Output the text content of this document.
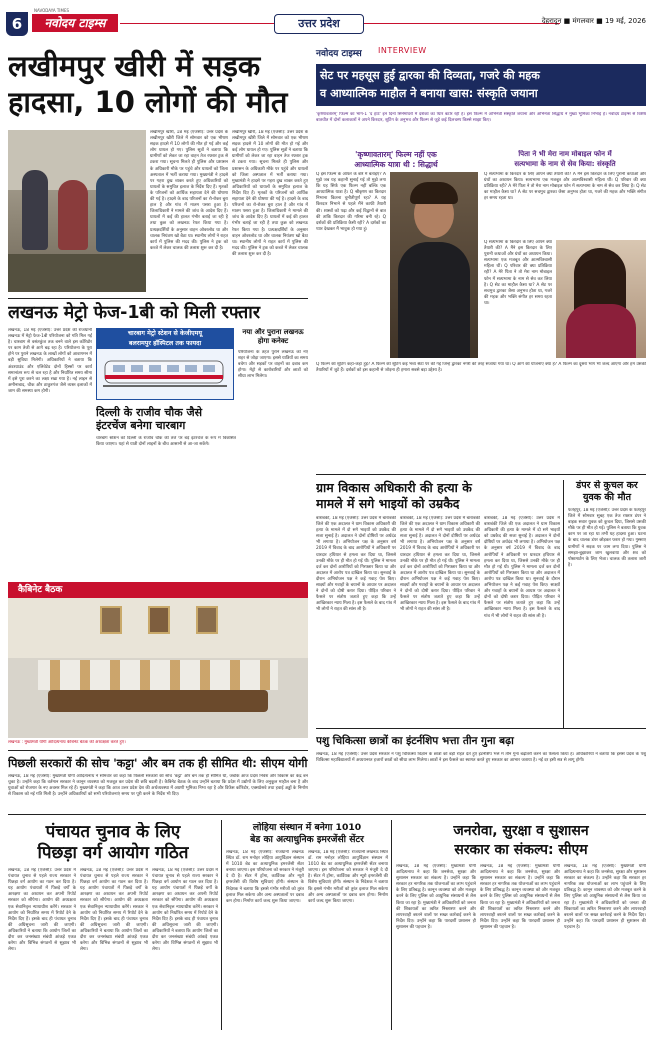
6
NAVODAYA TIMES
नवोदय टाइम्स	उत्तर प्रदेश	देहरादून ■ मंगलवार ■ 19 मई, 2026
लखीमपुर खीरी में सड़क
हादसा, 10 लोगों की मौत
लखीमपुर खीरी, 18 मई (एजेंसी): उत्तर प्रदेश के लखीमपुर खीरी जिले में सोमवार को एक भीषण सड़क हादसे में 10 लोगों की मौत हो गई और कई लोग घायल हो गए। पुलिस सूत्रों ने बताया कि ग्रामीणों को लेकर जा रहा वाहन तेज रफ्तार ट्रक से टकरा गया। सूचना मिलते ही पुलिस और प्रशासन के अधिकारी मौके पर पहुंचे और घायलों को जिला अस्पताल में भर्ती कराया गया। मुख्यमंत्री ने हादसे पर गहरा दुख व्यक्त करते हुए अधिकारियों को घायलों के समुचित इलाज के निर्देश दिए हैं। मृतकों के परिजनों को आर्थिक सहायता देने की घोषणा की गई है। हादसे के बाद परिजनों का रो-रोकर बुरा हाल है और गांव में मातम पसरा हुआ है। जिलाधिकारी ने मामले की जांच के आदेश दिए हैं। घायलों में कई की हालत गंभीर बताई जा रही है तथा कुछ को लखनऊ रेफर किया गया है। प्रत्यक्षदर्शियों के अनुसार वाहन ओवरलोड था और चालक नियंत्रण खो बैठा था। स्थानीय लोगों ने राहत कार्य में पुलिस की मदद की। पुलिस ने ट्रक को कब्जे में लेकर चालक की तलाश शुरू कर दी है।
लखीमपुर खीरी, 18 मई (एजेंसी): उत्तर प्रदेश के लखीमपुर खीरी जिले में सोमवार को एक भीषण सड़क हादसे में 10 लोगों की मौत हो गई और कई लोग घायल हो गए। पुलिस सूत्रों ने बताया कि ग्रामीणों को लेकर जा रहा वाहन तेज रफ्तार ट्रक से टकरा गया। सूचना मिलते ही पुलिस और प्रशासन के अधिकारी मौके पर पहुंचे और घायलों को जिला अस्पताल में भर्ती कराया गया। मुख्यमंत्री ने हादसे पर गहरा दुख व्यक्त करते हुए अधिकारियों को घायलों के समुचित इलाज के निर्देश दिए हैं। मृतकों के परिजनों को आर्थिक सहायता देने की घोषणा की गई है। हादसे के बाद परिजनों का रो-रोकर बुरा हाल है और गांव में मातम पसरा हुआ है। जिलाधिकारी ने मामले की जांच के आदेश दिए हैं। घायलों में कई की हालत गंभीर बताई जा रही है तथा कुछ को लखनऊ रेफर किया गया है। प्रत्यक्षदर्शियों के अनुसार वाहन ओवरलोड था और चालक नियंत्रण खो बैठा था। स्थानीय लोगों ने राहत कार्य में पुलिस की मदद की। पुलिस ने ट्रक को कब्जे में लेकर चालक की तलाश शुरू कर दी है।
लखनऊ मेट्रो फेज-1बी को मिली रफ्तार
लखनऊ, 18 मई (एजेंसी): उत्तर प्रदेश की राजधानी लखनऊ में मेट्रो फेज-1बी परियोजना को गति मिल गई है। चारबाग से वसंतकुंज तक बनने वाले इस कॉरिडोर पर काम तेजी से आगे बढ़ रहा है। परियोजना के पूरा होने पर पुराने लखनऊ के लाखों लोगों को आवागमन में बड़ी सुविधा मिलेगी। अधिकारियों ने बताया कि अंडरग्राउंड और एलिवेटेड दोनों हिस्सों पर कार्य समानांतर रूप से चल रहा है और निर्धारित समय सीमा में इसे पूरा करने का लक्ष्य रखा गया है। नई लाइन से अमीनाबाद, चौक और ठाकुरगंज जैसे व्यस्त इलाकों में जाम की समस्या कम होगी।
चारबाग मेट्रो स्टेशन से केजीएमयू
बलरामपुर हॉस्पिटल तक फायदा
नया और पुराना लखनऊ होगा कनेक्ट
परियोजना के तहत पुराने लखनऊ को नए शहर से जोड़ा जाएगा। इससे यात्रियों का समय बचेगा और सड़कों पर वाहनों का दबाव कम होगा। मेट्रो से कारोबारियों और छात्रों को सीधा लाभ मिलेगा।
दिल्ली के राजीव चौक जैसे
इंटरचेंज बनेगा चारबाग
चारबाग स्टेशन को दिल्ली के राजीव चौक की तर्ज पर बड़े इंटरचेंज के रूप में विकसित किया जाएगा। यहां से यात्री दोनों लाइनों के बीच आसानी से आ-जा सकेंगे।
नवोदय टाइम्स INTERVIEW
सेट पर महसूस हुई द्वारका की दिव्यता, गजरे की महक
व आध्यात्मिक माहौल ने बनाया खास: संस्कृति जयाना
'कृष्णावतारम्' फिल्म का भाग-1 'द हार्ट' इन दिनों सिनेमाघरों में दर्शकों का प्यार बटोर रही है। इस फिल्म में अभिनेत्री संस्कृति जयाना और अभिनेता सिद्धार्थ ने मुख्य भूमिका निभाई है। नवोदय टाइम्स से विशेष बातचीत में दोनों कलाकारों ने अपने किरदार, शूटिंग के अनुभव और फिल्म से जुड़े कई दिलचस्प किस्से साझा किए।
'कृष्णावतारम्' फिल्म नहीं एक
आध्यात्मिक यात्रा थी : सिद्धार्थ
Q इस फिल्म के ऑफर के बारे में बताइए? A मुझे जब यह कहानी सुनाई गई तो मुझे लगा कि यह सिर्फ एक फिल्म नहीं बल्कि एक आध्यात्मिक यात्रा है। Q श्रीकृष्ण का किरदार निभाना कितना चुनौतीपूर्ण रहा? A यह किरदार निभाने से पहले मैंने काफी तैयारी की। शास्त्रों को पढ़ा और कई विद्वानों से बात की ताकि किरदार की गरिमा बनी रहे। Q दर्शकों की प्रतिक्रिया कैसी रही? A दर्शकों का प्यार देखकर मैं भावुक हो गया हूं।
पिता ने भी मेरा नाम मोबाइल फोन में
सत्यभामा के नाम से सेव किया: संस्कृति
Q सत्यभामा के किरदार के लिए आपने क्या तैयारी की? A मैंने इस किरदार के लिए पुरानी कथाओं और ग्रंथों का अध्ययन किया। सत्यभामा एक मजबूत और आत्मविश्वासी महिला थीं। Q परिवार की क्या प्रतिक्रिया रही? A मेरे पिता ने तो मेरा नाम मोबाइल फोन में सत्यभामा के नाम से सेव कर लिया है। Q सेट का माहौल कैसा था? A सेट पर सचमुच द्वारका जैसा अनुभव होता था, गजरे की महक और भक्ति संगीत हर समय रहता था।
Q सत्यभामा के किरदार के लिए आपने क्या तैयारी की? A मैंने इस किरदार के लिए पुरानी कथाओं और ग्रंथों का अध्ययन किया। सत्यभामा एक मजबूत और आत्मविश्वासी महिला थीं। Q परिवार की क्या प्रतिक्रिया रही? A मेरे पिता ने तो मेरा नाम मोबाइल फोन में सत्यभामा के नाम से सेव कर लिया है। Q सेट का माहौल कैसा था? A सेट पर सचमुच द्वारका जैसा अनुभव होता था, गजरे की महक और भक्ति संगीत हर समय रहता था।
Q फिल्म की शूटिंग कहां-कहां हुई? A फिल्म की शूटिंग कई भव्य सेटों पर की गई जिन्हें द्वारका नगरी की तरह सजाया गया था। Q आगे की योजनाएं क्या हैं? A फिल्म का दूसरा भाग भी जल्द आएगा और हम उसकी तैयारियों में जुटे हैं। दर्शकों को इस कहानी से जोड़ना ही हमारा सबसे बड़ा उद्देश्य है।
कैबिनेट बैठक
लखनऊ : मुख्यमंत्री योगी आदित्यनाथ कैबिनेट बैठक की अध्यक्षता करते हुए।
ग्राम विकास अधिकारी की हत्या के
मामले में सगे भाइयों को उम्रकैद
बाराबंकी, 18 मई (एजेंसी): उत्तर प्रदेश में बाराबंकी जिले की एक अदालत ने ग्राम विकास अधिकारी की हत्या के मामले में दो सगे भाइयों को उम्रकैद की सजा सुनाई है। अदालत ने दोनों दोषियों पर अर्थदंड भी लगाया है। अभियोजन पक्ष के अनुसार वर्ष 2019 में विवाद के बाद आरोपियों ने अधिकारी पर धारदार हथियार से हमला कर दिया था, जिससे उनकी मौके पर ही मौत हो गई थी। पुलिस ने मामला दर्ज कर दोनों आरोपियों को गिरफ्तार किया था और अदालत में आरोप पत्र दाखिल किया था। सुनवाई के दौरान अभियोजन पक्ष ने कई गवाह पेश किए। साक्ष्यों और गवाहों के बयानों के आधार पर अदालत ने दोनों को दोषी करार दिया। पीड़ित परिवार ने फैसले पर संतोष जताते हुए कहा कि उन्हें आखिरकार न्याय मिला है। इस फैसले के बाद गांव में भी लोगों ने राहत की सांस ली है।
बाराबंकी, 18 मई (एजेंसी): उत्तर प्रदेश में बाराबंकी जिले की एक अदालत ने ग्राम विकास अधिकारी की हत्या के मामले में दो सगे भाइयों को उम्रकैद की सजा सुनाई है। अदालत ने दोनों दोषियों पर अर्थदंड भी लगाया है। अभियोजन पक्ष के अनुसार वर्ष 2019 में विवाद के बाद आरोपियों ने अधिकारी पर धारदार हथियार से हमला कर दिया था, जिससे उनकी मौके पर ही मौत हो गई थी। पुलिस ने मामला दर्ज कर दोनों आरोपियों को गिरफ्तार किया था और अदालत में आरोप पत्र दाखिल किया था। सुनवाई के दौरान अभियोजन पक्ष ने कई गवाह पेश किए। साक्ष्यों और गवाहों के बयानों के आधार पर अदालत ने दोनों को दोषी करार दिया। पीड़ित परिवार ने फैसले पर संतोष जताते हुए कहा कि उन्हें आखिरकार न्याय मिला है। इस फैसले के बाद गांव में भी लोगों ने राहत की सांस ली है।
बाराबंकी, 18 मई (एजेंसी): उत्तर प्रदेश में बाराबंकी जिले की एक अदालत ने ग्राम विकास अधिकारी की हत्या के मामले में दो सगे भाइयों को उम्रकैद की सजा सुनाई है। अदालत ने दोनों दोषियों पर अर्थदंड भी लगाया है। अभियोजन पक्ष के अनुसार वर्ष 2019 में विवाद के बाद आरोपियों ने अधिकारी पर धारदार हथियार से हमला कर दिया था, जिससे उनकी मौके पर ही मौत हो गई थी। पुलिस ने मामला दर्ज कर दोनों आरोपियों को गिरफ्तार किया था और अदालत में आरोप पत्र दाखिल किया था। सुनवाई के दौरान अभियोजन पक्ष ने कई गवाह पेश किए। साक्ष्यों और गवाहों के बयानों के आधार पर अदालत ने दोनों को दोषी करार दिया। पीड़ित परिवार ने फैसले पर संतोष जताते हुए कहा कि उन्हें आखिरकार न्याय मिला है। इस फैसले के बाद गांव में भी लोगों ने राहत की सांस ली है।
डंपर से कुचल कर
युवक की मौत
फतेहपुर, 18 मई (एजेंसी): उत्तर प्रदेश के फतेहपुर जिले में सोमवार सुबह एक तेज रफ्तार डंपर ने बाइक सवार युवक को कुचल दिया, जिससे उसकी मौके पर ही मौत हो गई। पुलिस ने बताया कि युवक काम पर जा रहा था तभी यह हादसा हुआ। घटना के बाद चालक डंपर छोड़कर फरार हो गया। गुस्साए ग्रामीणों ने सड़क पर जाम लगा दिया। पुलिस ने समझा-बुझाकर जाम खुलवाया और शव को पोस्टमार्टम के लिए भेजा। चालक की तलाश जारी है।
पशु चिकित्सा छात्रों का इंटर्नशिप भत्ता तीन गुना बढ़ा
लखनऊ, 18 मई (एजेंसी): उत्तर प्रदेश सरकार ने पशु चिकित्सा विज्ञान के छात्रों को बड़ी राहत देते हुए इंटर्नशिप भत्ते में तीन गुना बढ़ोतरी करने का फैसला किया है। अधिकारियों ने बताया कि इससे प्रदेश के पशु चिकित्सा महाविद्यालयों में अध्ययनरत हजारों छात्रों को सीधा लाभ मिलेगा। छात्रों ने इस फैसले का स्वागत करते हुए सरकार का आभार जताया है। नई दर इसी सत्र से लागू होगी।
पिछली सरकारों की सोच 'कट्टा' और बम तक ही सीमित थी: सीएम योगी
लखनऊ, 18 मई (एजेंसी): मुख्यमंत्री योगी आदित्यनाथ ने सोमवार को कहा कि पिछली सरकारों की सोच 'कट्टा' और बम तक ही सीमित थी, जबकि आज प्रदेश निवेश और विकास का केंद्र बन चुका है। उन्होंने कहा कि वर्तमान सरकार ने कानून व्यवस्था को मजबूत कर प्रदेश की छवि बदली है। कैबिनेट बैठक के बाद उन्होंने बताया कि प्रदेश में उद्योगों के लिए अनुकूल माहौल बना है और युवाओं को रोजगार के नए अवसर मिल रहे हैं। मुख्यमंत्री ने कहा कि आज उत्तर प्रदेश देश की अर्थव्यवस्था में अग्रणी भूमिका निभा रहा है और डिफेंस कॉरिडोर, एक्सप्रेसवे तथा हवाई अड्डों के निर्माण से विकास को नई गति मिली है। उन्होंने अधिकारियों को सभी परियोजनाएं समय पर पूरी करने के निर्देश भी दिए।
पंचायत चुनाव के लिए
पिछड़ा वर्ग आयोग गठित
लखनऊ, 18 मई (एजेंसी): उत्तर प्रदेश में पंचायत चुनाव से पहले राज्य सरकार ने पिछड़ा वर्ग आयोग का गठन कर दिया है। यह आयोग पंचायतों में पिछड़े वर्गों के आरक्षण का अध्ययन कर अपनी रिपोर्ट सरकार को सौंपेगा। आयोग की अध्यक्षता एक सेवानिवृत्त न्यायाधीश करेंगे। सरकार ने आयोग को निर्धारित समय में रिपोर्ट देने के निर्देश दिए हैं। इसके बाद ही पंचायत चुनाव की अधिसूचना जारी की जाएगी। अधिकारियों ने बताया कि आयोग जिलों का दौरा कर जनसंख्या संबंधी आंकड़े एकत्र करेगा और विभिन्न संगठनों से सुझाव भी लेगा।
लखनऊ, 18 मई (एजेंसी): उत्तर प्रदेश में पंचायत चुनाव से पहले राज्य सरकार ने पिछड़ा वर्ग आयोग का गठन कर दिया है। यह आयोग पंचायतों में पिछड़े वर्गों के आरक्षण का अध्ययन कर अपनी रिपोर्ट सरकार को सौंपेगा। आयोग की अध्यक्षता एक सेवानिवृत्त न्यायाधीश करेंगे। सरकार ने आयोग को निर्धारित समय में रिपोर्ट देने के निर्देश दिए हैं। इसके बाद ही पंचायत चुनाव की अधिसूचना जारी की जाएगी। अधिकारियों ने बताया कि आयोग जिलों का दौरा कर जनसंख्या संबंधी आंकड़े एकत्र करेगा और विभिन्न संगठनों से सुझाव भी लेगा।
लखनऊ, 18 मई (एजेंसी): उत्तर प्रदेश में पंचायत चुनाव से पहले राज्य सरकार ने पिछड़ा वर्ग आयोग का गठन कर दिया है। यह आयोग पंचायतों में पिछड़े वर्गों के आरक्षण का अध्ययन कर अपनी रिपोर्ट सरकार को सौंपेगा। आयोग की अध्यक्षता एक सेवानिवृत्त न्यायाधीश करेंगे। सरकार ने आयोग को निर्धारित समय में रिपोर्ट देने के निर्देश दिए हैं। इसके बाद ही पंचायत चुनाव की अधिसूचना जारी की जाएगी। अधिकारियों ने बताया कि आयोग जिलों का दौरा कर जनसंख्या संबंधी आंकड़े एकत्र करेगा और विभिन्न संगठनों से सुझाव भी लेगा।
लोहिया संस्थान में बनेगा 1010
बेड का अत्याधुनिक इमरजेंसी सेंटर
लखनऊ, 18 मई (एजेंसी): राजधानी लखनऊ स्थित डॉ. राम मनोहर लोहिया आयुर्विज्ञान संस्थान में 1010 बेड का अत्याधुनिक इमरजेंसी सेंटर बनाया जाएगा। इस परियोजना को सरकार ने मंजूरी दे दी है। सेंटर में ट्रॉमा, कार्डियक और न्यूरो इमरजेंसी की विशेष सुविधाएं होंगी। संस्थान के निदेशक ने बताया कि इससे गंभीर मरीजों को तुरंत इलाज मिल सकेगा और अन्य अस्पतालों पर दबाव कम होगा। निर्माण कार्य जल्द शुरू किया जाएगा।
लखनऊ, 18 मई (एजेंसी): राजधानी लखनऊ स्थित डॉ. राम मनोहर लोहिया आयुर्विज्ञान संस्थान में 1010 बेड का अत्याधुनिक इमरजेंसी सेंटर बनाया जाएगा। इस परियोजना को सरकार ने मंजूरी दे दी है। सेंटर में ट्रॉमा, कार्डियक और न्यूरो इमरजेंसी की विशेष सुविधाएं होंगी। संस्थान के निदेशक ने बताया कि इससे गंभीर मरीजों को तुरंत इलाज मिल सकेगा और अन्य अस्पतालों पर दबाव कम होगा। निर्माण कार्य जल्द शुरू किया जाएगा।
जनरोवा, सुरक्षा व सुशासन
सरकार का संकल्प: सीएम
लखनऊ, 18 मई (एजेंसी): मुख्यमंत्री योगी आदित्यनाथ ने कहा कि जनसेवा, सुरक्षा और सुशासन सरकार का संकल्प है। उन्होंने कहा कि सरकार हर नागरिक तक योजनाओं का लाभ पहुंचाने के लिए प्रतिबद्ध है। कानून व्यवस्था को और मजबूत करने के लिए पुलिस को आधुनिक संसाधनों से लैस किया जा रहा है। मुख्यमंत्री ने अधिकारियों को जनता की शिकायतों का त्वरित निस्तारण करने और लापरवाही बरतने वालों पर सख्त कार्रवाई करने के निर्देश दिए। उन्होंने कहा कि पारदर्शी प्रशासन ही सुशासन की पहचान है।
लखनऊ, 18 मई (एजेंसी): मुख्यमंत्री योगी आदित्यनाथ ने कहा कि जनसेवा, सुरक्षा और सुशासन सरकार का संकल्प है। उन्होंने कहा कि सरकार हर नागरिक तक योजनाओं का लाभ पहुंचाने के लिए प्रतिबद्ध है। कानून व्यवस्था को और मजबूत करने के लिए पुलिस को आधुनिक संसाधनों से लैस किया जा रहा है। मुख्यमंत्री ने अधिकारियों को जनता की शिकायतों का त्वरित निस्तारण करने और लापरवाही बरतने वालों पर सख्त कार्रवाई करने के निर्देश दिए। उन्होंने कहा कि पारदर्शी प्रशासन ही सुशासन की पहचान है।
लखनऊ, 18 मई (एजेंसी): मुख्यमंत्री योगी आदित्यनाथ ने कहा कि जनसेवा, सुरक्षा और सुशासन सरकार का संकल्प है। उन्होंने कहा कि सरकार हर नागरिक तक योजनाओं का लाभ पहुंचाने के लिए प्रतिबद्ध है। कानून व्यवस्था को और मजबूत करने के लिए पुलिस को आधुनिक संसाधनों से लैस किया जा रहा है। मुख्यमंत्री ने अधिकारियों को जनता की शिकायतों का त्वरित निस्तारण करने और लापरवाही बरतने वालों पर सख्त कार्रवाई करने के निर्देश दिए। उन्होंने कहा कि पारदर्शी प्रशासन ही सुशासन की पहचान है।
